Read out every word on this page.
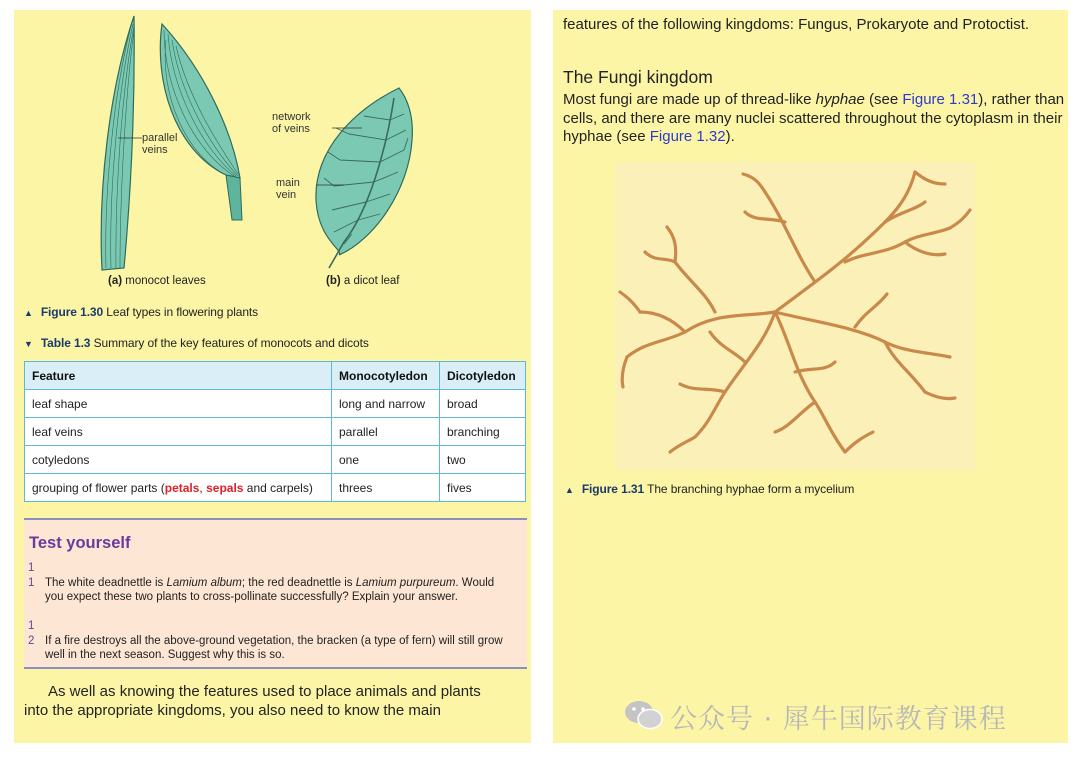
parallel
veins
network
of veins
main
vein
(a) monocot leaves	(b) a dicot leaf
▲ Figure 1.30 Leaf types in flowering plants
▼ Table 1.3 Summary of the key features of monocots and dicots
Feature	Monocotyledon	Dicotyledon
leaf shape	long and narrow	broad
leaf veins	parallel	branching
cotyledons	one	two
grouping of flower parts (petals, sepals and carpels)	threes	fives
Test yourself
1
1 The white deadnettle is Lamium album; the red deadnettle is Lamium purpureum. Would you expect these two plants to cross-pollinate successfully? Explain your answer.
1
2 If a fire destroys all the above-ground vegetation, the bracken (a type of fern) will still grow well in the next season. Suggest why this is so.
As well as knowing the features used to place animals and plants
into the appropriate kingdoms, you also need to know the main
features of the following kingdoms: Fungus, Prokaryote and Protoctist.
The Fungi kingdom
Most fungi are made up of thread-like hyphae (see Figure 1.31), rather than cells, and there are many nuclei scattered throughout the cytoplasm in their hyphae (see Figure 1.32).
▲ Figure 1.31 The branching hyphae form a mycelium
公众号 · 犀牛国际教育课程
